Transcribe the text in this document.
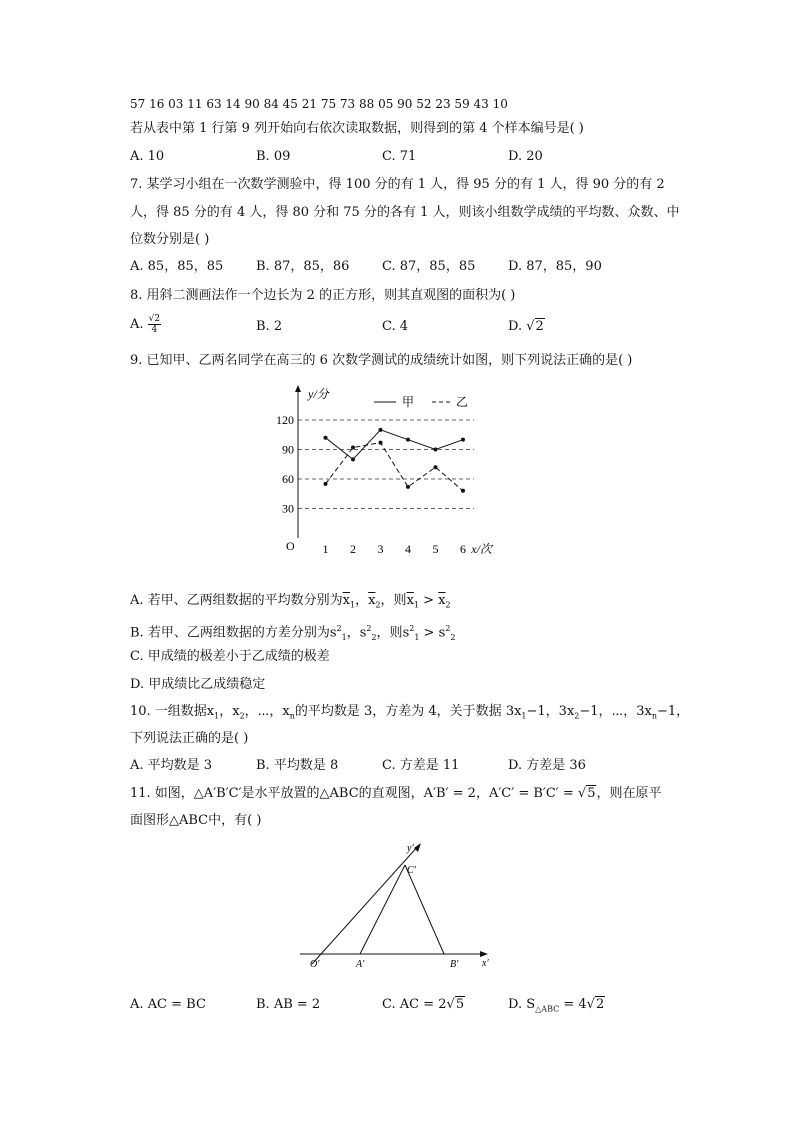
57 16 03 11 63 14 90 84 45 21 75 73 88 05 90 52 23 59 43 10
若从表中第 1 行第 9 列开始向右依次读取数据，则得到的第 4 个样本编号是( )
A. 10	B. 09	C. 71	D. 20
7. 某学习小组在一次数学测验中，得 100 分的有 1 人，得 95 分的有 1 人，得 90 分的有 2
人，得 85 分的有 4 人，得 80 分和 75 分的各有 1 人，则该小组数学成绩的平均数、众数、中
位数分别是( )
A. 85，85，85	B. 87，85，86	C. 87，85，85	D. 87，85，90
8. 用斜二测画法作一个边长为 2 的正方形，则其直观图的面积为( )
A. $\frac{√2}{4}$	B. 2	C. 4	D. √2
9. 已知甲、乙两名同学在高三的 6 次数学测试的成绩统计如图，则下列说法正确的是( )
30
60
90
120
1 2 3 4 5 6
O
y/分
x/次
甲	乙
A. 若甲、乙两组数据的平均数分别为$\overline{x}_1$，$\overline{x}_2$，则$\overline{x}_1 > \overline{x}_2$
B. 若甲、乙两组数据的方差分别为$s^2_1$，$s^2_2$，则$s^2_1 > s^2_2$
C. 甲成绩的极差小于乙成绩的极差
D. 甲成绩比乙成绩稳定
10. 一组数据$x_1$，$x_2$，⋯，$x_n$的平均数是 3，方差为 4，关于数据 $3x_1-1$，$3x_2-1$，⋯，$3x_n-1$，
下列说法正确的是( )
A. 平均数是 3	B. 平均数是 8	C. 方差是 11	D. 方差是 36
11. 如图，△A′B′C′是水平放置的△ABC的直观图，A′B′ = 2，A′C′ = B′C′ = √5，则在原平
面图形△ABC中，有( )
y′
C′
O′	A′	B′ x′
A. AC = BC	B. AB = 2	C. AC = 2√5	D. $S_{\triangle ABC} = 4√2$
